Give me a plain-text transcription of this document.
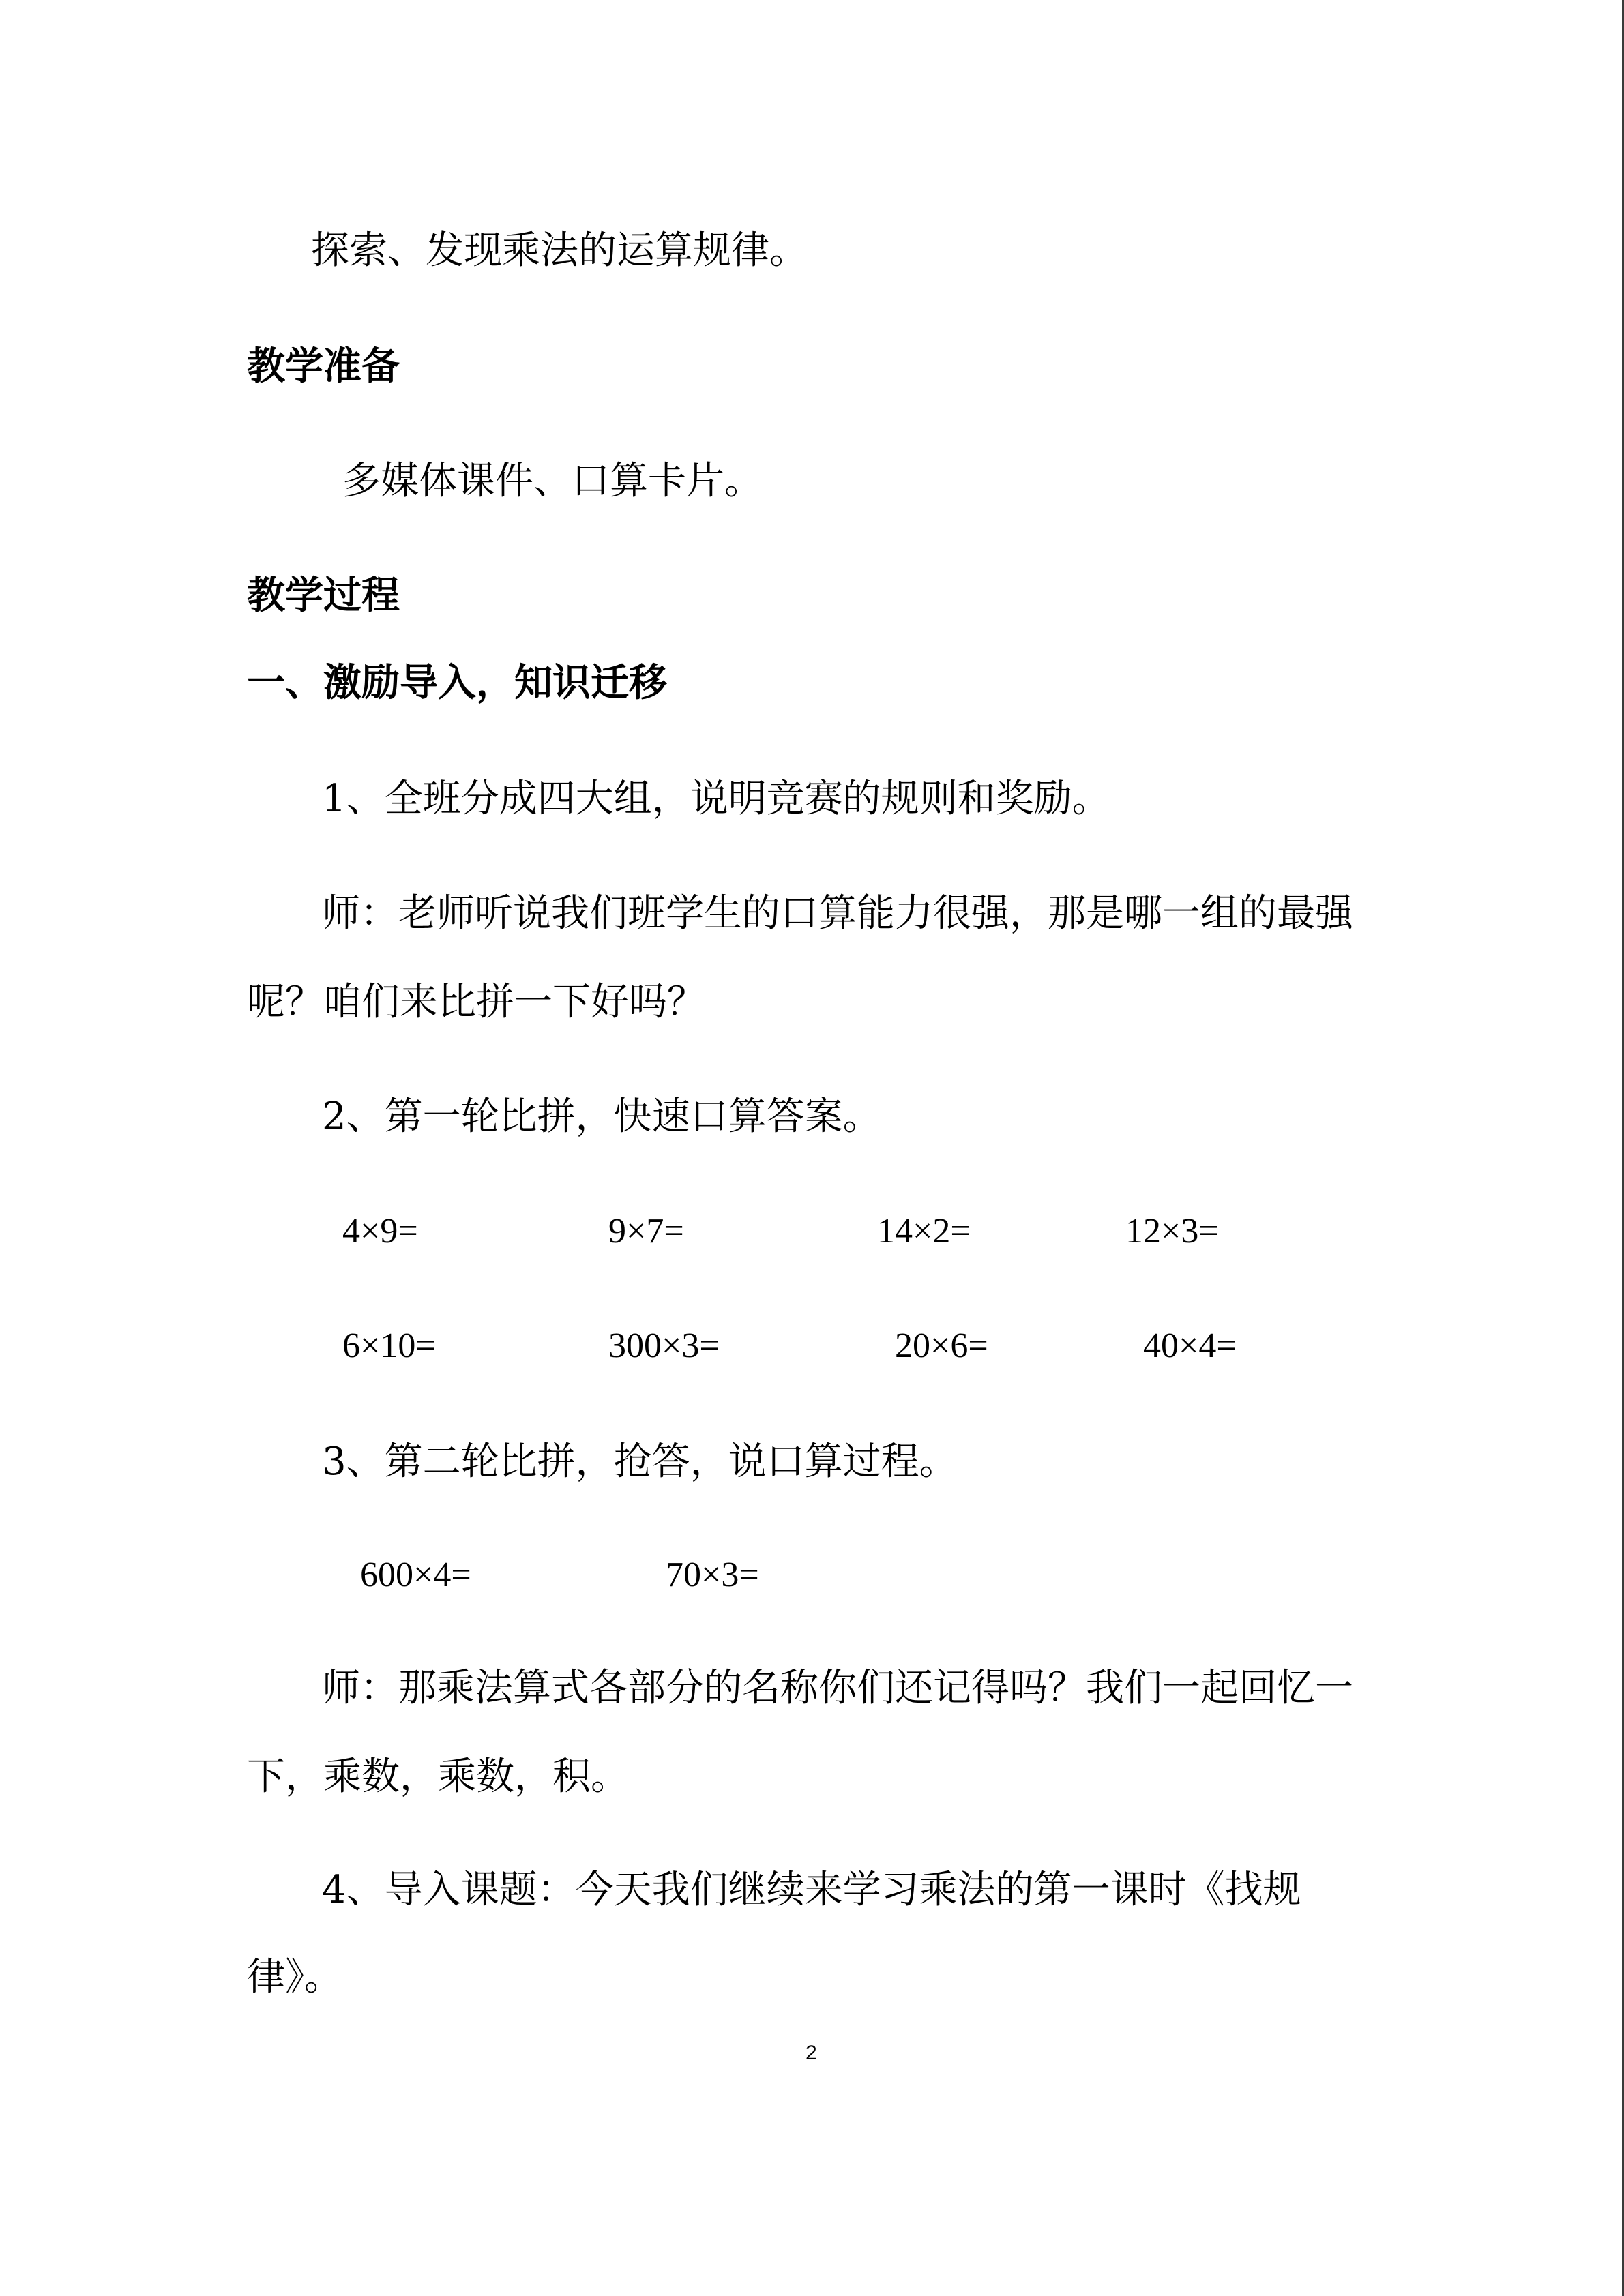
探索、发现乘法的运算规律。
教学准备
多媒体课件、口算卡片。
教学过程
一、激励导入，知识迁移
1、全班分成四大组，说明竞赛的规则和奖励。
师：老师听说我们班学生的口算能力很强，那是哪一组的最强
呢？咱们来比拼一下好吗？
2、第一轮比拼，快速口算答案。
4×9=	9×7=	14×2=	12×3=
6×10=	300×3=	20×6=	40×4=
3、第二轮比拼，抢答，说口算过程。
600×4=	70×3=
师：那乘法算式各部分的名称你们还记得吗？我们一起回忆一
下，乘数，乘数，积。
4、导入课题：今天我们继续来学习乘法的第一课时《找规
律》。
2
